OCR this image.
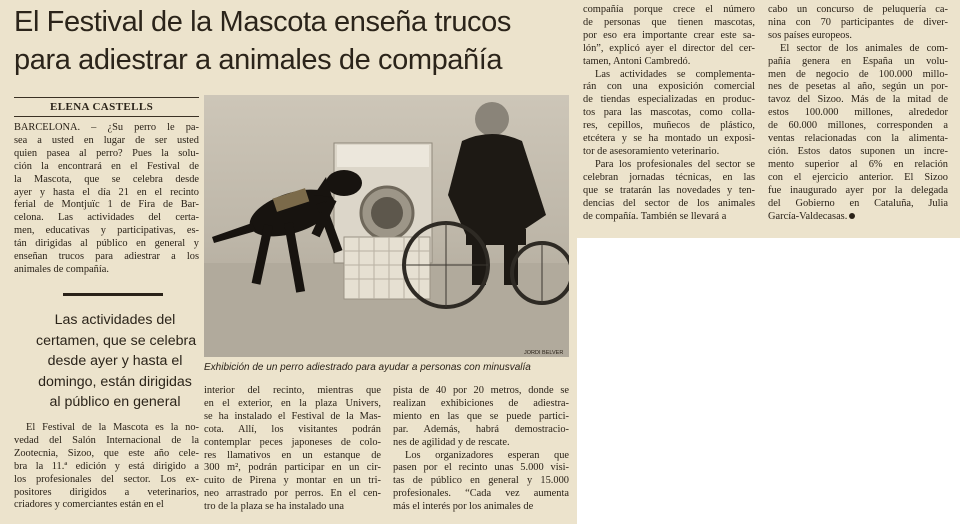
El Festival de la Mascota enseña trucos
para adiestrar a animales de compañía
ELENA CASTELLS
BARCELONA. – ¿Su perro le pa-
sea a usted en lugar de ser usted
quien pasea al perro? Pues la solu-
ción la encontrará en el Festival de
la Mascota, que se celebra desde
ayer y hasta el día 21 en el recinto
ferial de Montjuïc 1 de Fira de Bar-
celona. Las actividades del certa-
men, educativas y participativas, es-
tán dirigidas al público en general y
enseñan trucos para adiestrar a los
animales de compañía.
Las actividades del
certamen, que se celebra
desde ayer y hasta el
domingo, están dirigidas
al público en general
El Festival de la Mascota es la no-
vedad del Salón Internacional de la
Zootecnia, Sizoo, que este año cele-
bra la 11.ª edición y está dirigido a
los profesionales del sector. Los ex-
positores dirigidos a veterinarios,
criadores y comerciantes están en el
JORDI BELVER

Exhibición de un perro adiestrado para ayudar a personas con minusvalía

interior del recinto, mientras que
en el exterior, en la plaza Univers,
se ha instalado el Festival de la Mas-
cota. Allí, los visitantes podrán
contemplar peces japoneses de colo-
res llamativos en un estanque de
300 m², podrán participar en un cir-
cuito de Pirena y montar en un tri-
neo arrastrado por perros. En el cen-
tro de la plaza se ha instalado una
pista de 40 por 20 metros, donde se
realizan exhibiciones de adiestra-
miento en las que se puede partici-
par. Además, habrá demostracio-
nes de agilidad y de rescate.
Los organizadores esperan que
pasen por el recinto unas 5.000 visi-
tas de público en general y 15.000
profesionales. “Cada vez aumenta
más el interés por los animales de
compañía porque crece el número
de personas que tienen mascotas,
por eso era importante crear este sa-
lón”, explicó ayer el director del cer-
tamen, Antoni Cambredó.
Las actividades se complementa-
rán con una exposición comercial
de tiendas especializadas en produc-
tos para las mascotas, como colla-
res, cepillos, muñecos de plástico,
etcétera y se ha montado un exposi-
tor de asesoramiento veterinario.
Para los profesionales del sector se
celebran jornadas técnicas, en las
que se tratarán las novedades y ten-
dencias del sector de los animales
de compañía. También se llevará a
cabo un concurso de peluquería ca-
nina con 70 participantes de diver-
sos países europeos.
El sector de los animales de com-
pañía genera en España un volu-
men de negocio de 100.000 millo-
nes de pesetas al año, según un por-
tavoz del Sizoo. Más de la mitad de
estos 100.000 millones, alrededor
de 60.000 millones, corresponden a
ventas relacionadas con la alimenta-
ción. Estos datos suponen un incre-
mento superior al 6% en relación
con el ejercicio anterior. El Sizoo
fue inaugurado ayer por la delegada
del Gobierno en Cataluña, Julia
García-Valdecasas.
